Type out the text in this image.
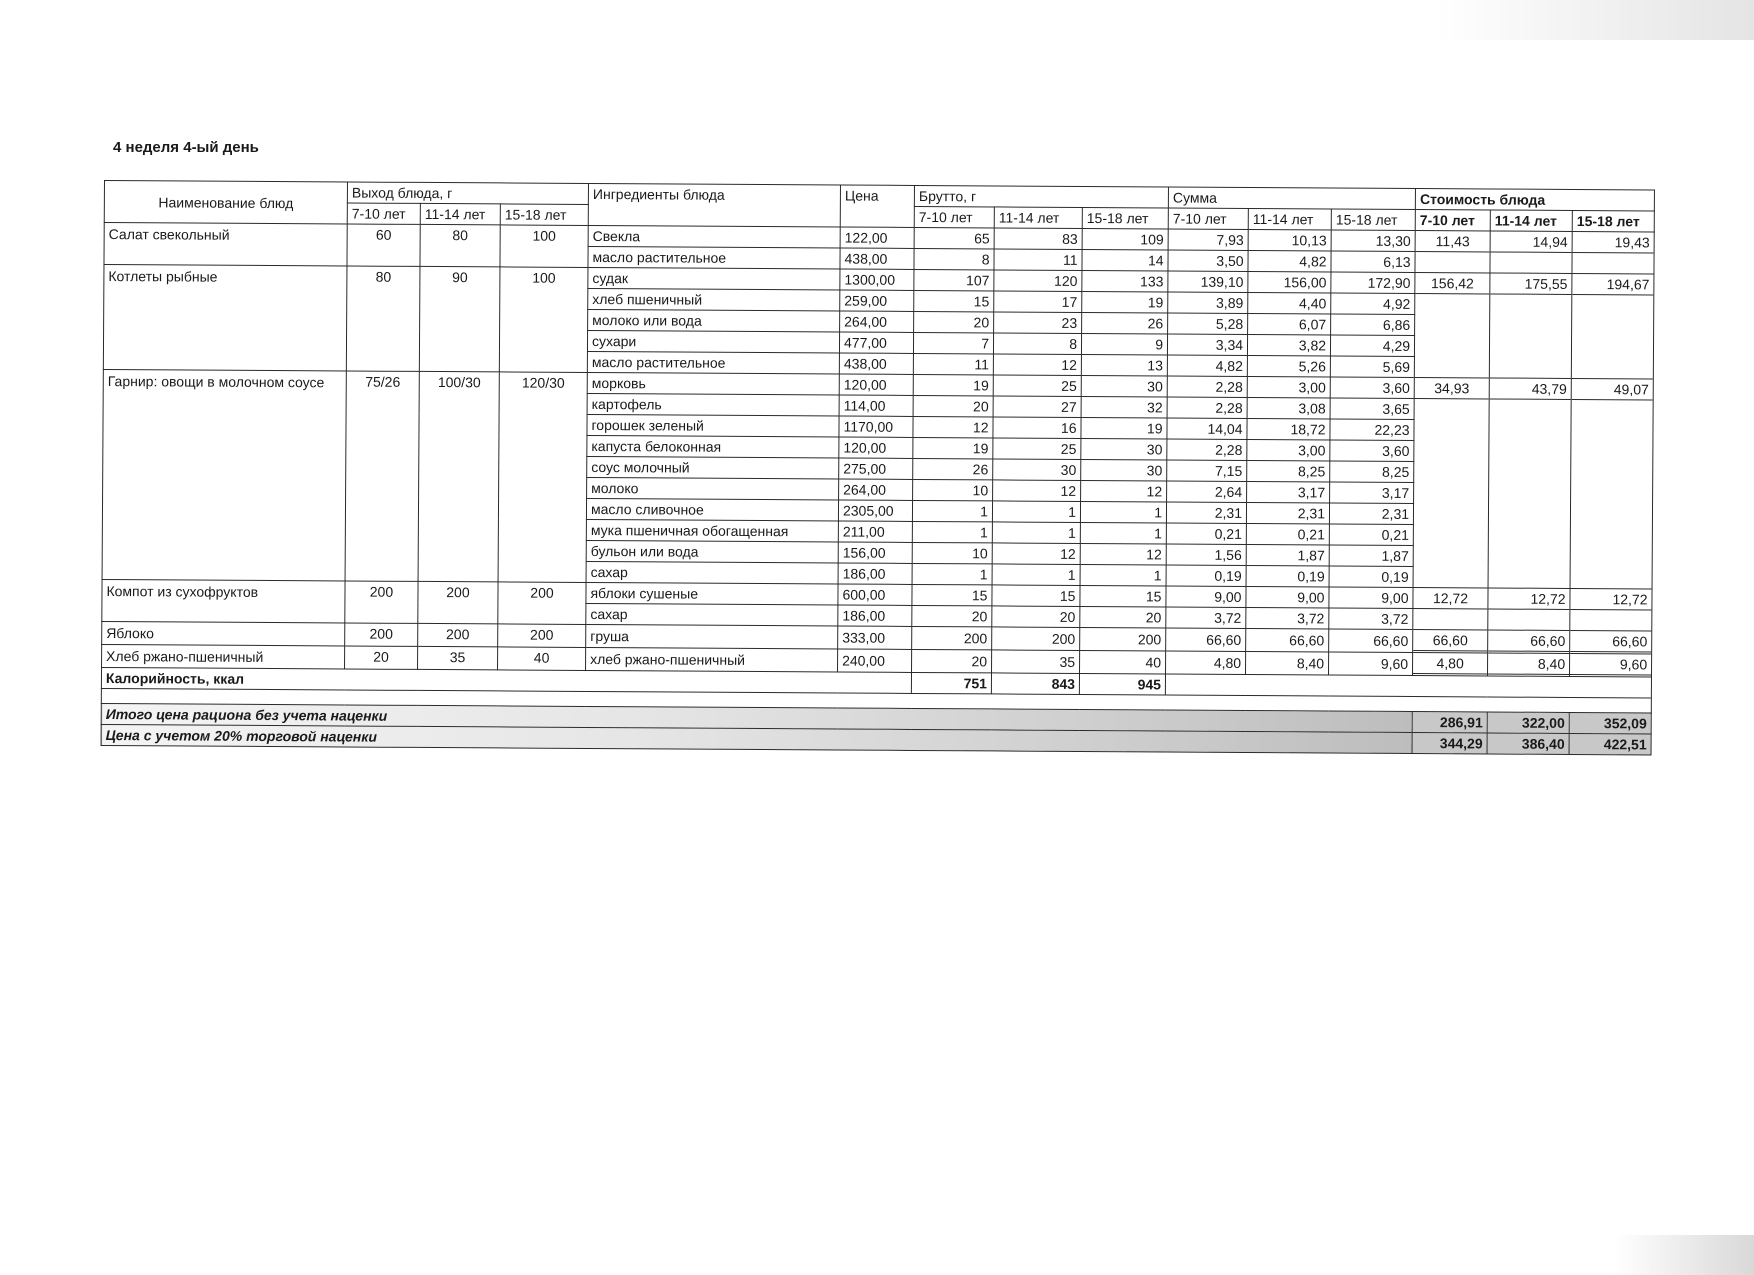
4 неделя 4-ый день
Наименование блюд	Выход блюда, г			Ингредиенты блюда	Цена	Брутто, г			Сумма			Стоимость блюда		
	7-10 лет	11-14 лет	15-18 лет			7-10 лет	11-14 лет	15-18 лет	7-10 лет	11-14 лет	15-18 лет	7-10 лет	11-14 лет	15-18 лет
Салат свекольный	60	80	100	Свекла	122,00	65	83	109	7,93	10,13	13,30	11,43	14,94	19,43

				масло растительное	438,00	8	11	14	3,50	4,82	6,13			
Котлеты рыбные	80	90	100	судак	1300,00	107	120	133	139,10	156,00	172,90	156,42	175,55	194,67

				хлеб пшеничный	259,00	15	17	19	3,89	4,40	4,92			
				молоко или вода	264,00	20	23	26	5,28	6,07	6,86			
				сухари	477,00	7	8	9	3,34	3,82	4,29			
				масло растительное	438,00	11	12	13	4,82	5,26	5,69			
Гарнир: овощи в молочном соусе	75/26	100/30	120/30	морковь	120,00	19	25	30	2,28	3,00	3,60	34,93	43,79	49,07

				картофель	114,00	20	27	32	2,28	3,08	3,65			
				горошек зеленый	1170,00	12	16	19	14,04	18,72	22,23			
				капуста белоконная	120,00	19	25	30	2,28	3,00	3,60			
				соус молочный	275,00	26	30	30	7,15	8,25	8,25			
				молоко	264,00	10	12	12	2,64	3,17	3,17			
				масло сливочное	2305,00	1	1	1	2,31	2,31	2,31			
				мука пшеничная обогащенная	211,00	1	1	1	0,21	0,21	0,21			
				бульон или вода	156,00	10	12	12	1,56	1,87	1,87			
				сахар	186,00	1	1	1	0,19	0,19	0,19			
Компот из сухофруктов	200	200	200	яблоки сушеные	600,00	15	15	15	9,00	9,00	9,00	12,72	12,72	12,72

				сахар	186,00	20	20	20	3,72	3,72	3,72			
Яблоко	200	200	200	груша	333,00	200	200	200	66,60	66,60	66,60	66,60	66,60	66,60

Хлеб ржано-пшеничный	20	35	40	хлеб ржано-пшеничный	240,00	20	35	40	4,80	8,40	9,60	4,80	8,40	9,60

Калорийность, ккал						751	843	945						

Итого цена рациона без учета наценки												286,91	322,00	352,09
Цена с учетом 20% торговой наценки												344,29	386,40	422,51
